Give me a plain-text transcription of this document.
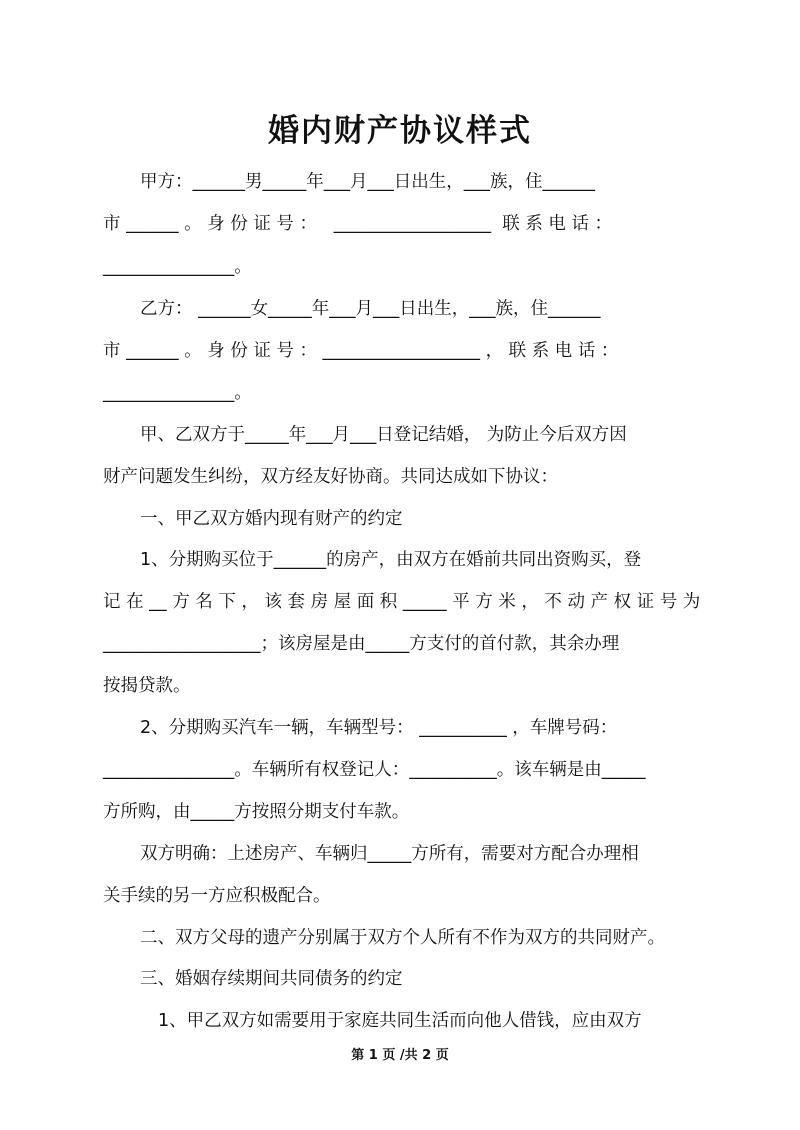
婚内财产协议样式
甲方：______男_____年___月___日出生，___族，住______
市 ______ 。 身 份 证 号 ：   __________________  联 系 电 话 ：
_______________。
乙方： ______女_____年___月___日出生，___族，住______
市 ______ 。 身 份 证 号 ： __________________ ， 联 系 电 话 ：
_______________。
甲、乙双方于_____年___月___日登记结婚， 为防止今后双方因
财产问题发生纠纷，双方经友好协商。共同达成如下协议：
一、甲乙双方婚内现有财产的约定
1、分期购买位于______的房产，由双方在婚前共同出资购买，登
记 在 __ 方 名 下 ， 该 套 房 屋 面 积 _____ 平 方 米 ， 不 动 产 权 证 号 为
__________________；该房屋是由_____方支付的首付款，其余办理
按揭贷款。
2、分期购买汽车一辆，车辆型号： __________ ，车牌号码：
_______________。车辆所有权登记人：__________。该车辆是由_____
方所购，由_____方按照分期支付车款。
双方明确：上述房产、车辆归_____方所有，需要对方配合办理相
关手续的另一方应积极配合。
二、双方父母的遗产分别属于双方个人所有不作为双方的共同财产。
三、婚姻存续期间共同债务的约定
1、甲乙双方如需要用于家庭共同生活而向他人借钱，应由双方
第 1 页 /共 2 页
